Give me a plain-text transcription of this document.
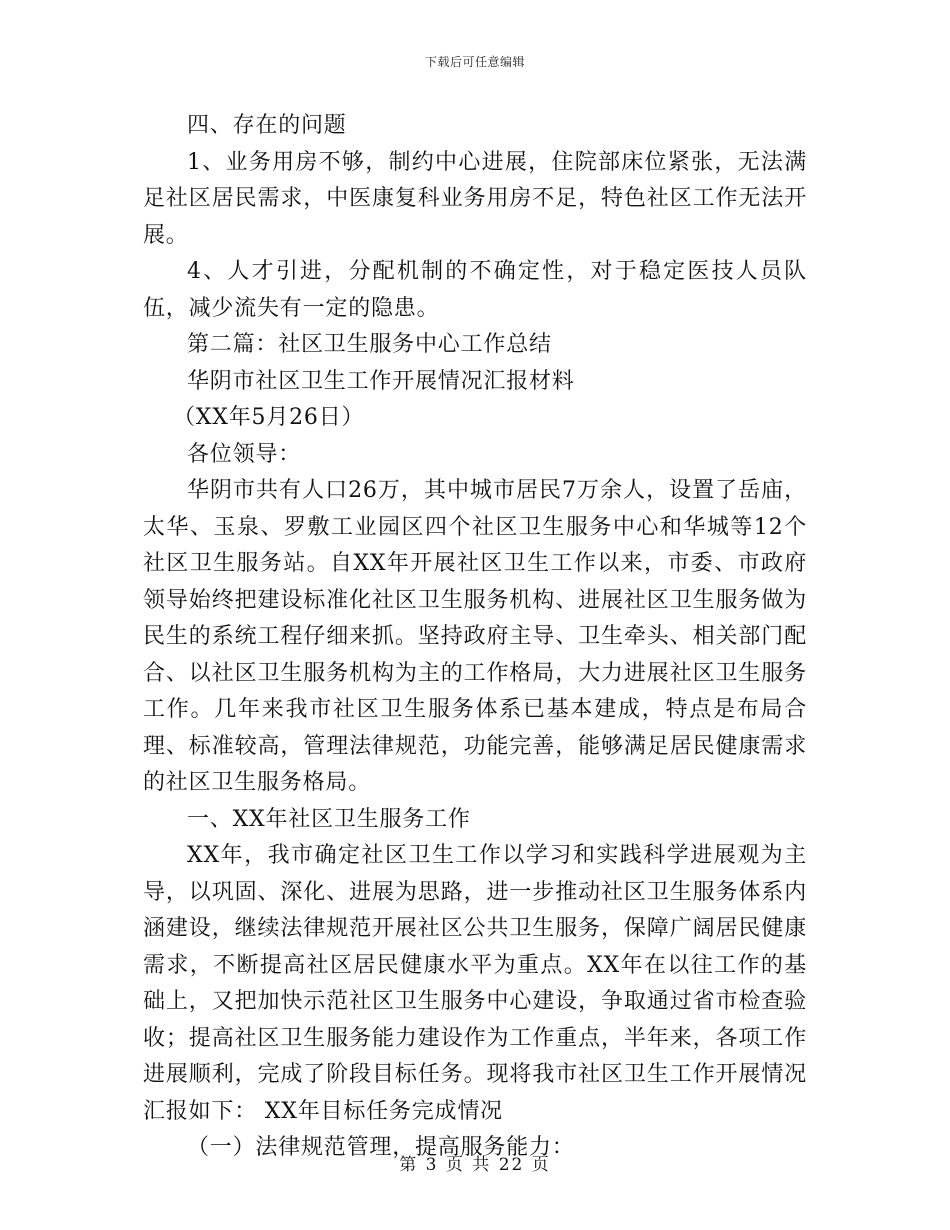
下载后可任意编辑

四、存在的问题

1、业务用房不够，制约中心进展，住院部床位紧张，无法满足社区居民需求，中医康复科业务用房不足，特色社区工作无法开展。

4、人才引进，分配机制的不确定性，对于稳定医技人员队伍，减少流失有一定的隐患。

第二篇：社区卫生服务中心工作总结

华阴市社区卫生工作开展情况汇报材料

（XX年5月26日）

各位领导：

华阴市共有人口26万，其中城市居民7万余人，设置了岳庙，太华、玉泉、罗敷工业园区四个社区卫生服务中心和华城等12个社区卫生服务站。自XX年开展社区卫生工作以来，市委、市政府领导始终把建设标准化社区卫生服务机构、进展社区卫生服务做为民生的系统工程仔细来抓。坚持政府主导、卫生牵头、相关部门配合、以社区卫生服务机构为主的工作格局，大力进展社区卫生服务工作。几年来我市社区卫生服务体系已基本建成，特点是布局合理、标准较高，管理法律规范，功能完善，能够满足居民健康需求的社区卫生服务格局。

一、XX年社区卫生服务工作

XX年，我市确定社区卫生工作以学习和实践科学进展观为主导，以巩固、深化、进展为思路，进一步推动社区卫生服务体系内涵建设，继续法律规范开展社区公共卫生服务，保障广阔居民健康需求，不断提高社区居民健康水平为重点。XX年在以往工作的基础上，又把加快示范社区卫生服务中心建设，争取通过省市检查验收；提高社区卫生服务能力建设作为工作重点，半年来，各项工作进展顺利，完成了阶段目标任务。现将我市社区卫生工作开展情况汇报如下： XX年目标任务完成情况

（一）法律规范管理，提高服务能力：

第 3 页 共 22 页
